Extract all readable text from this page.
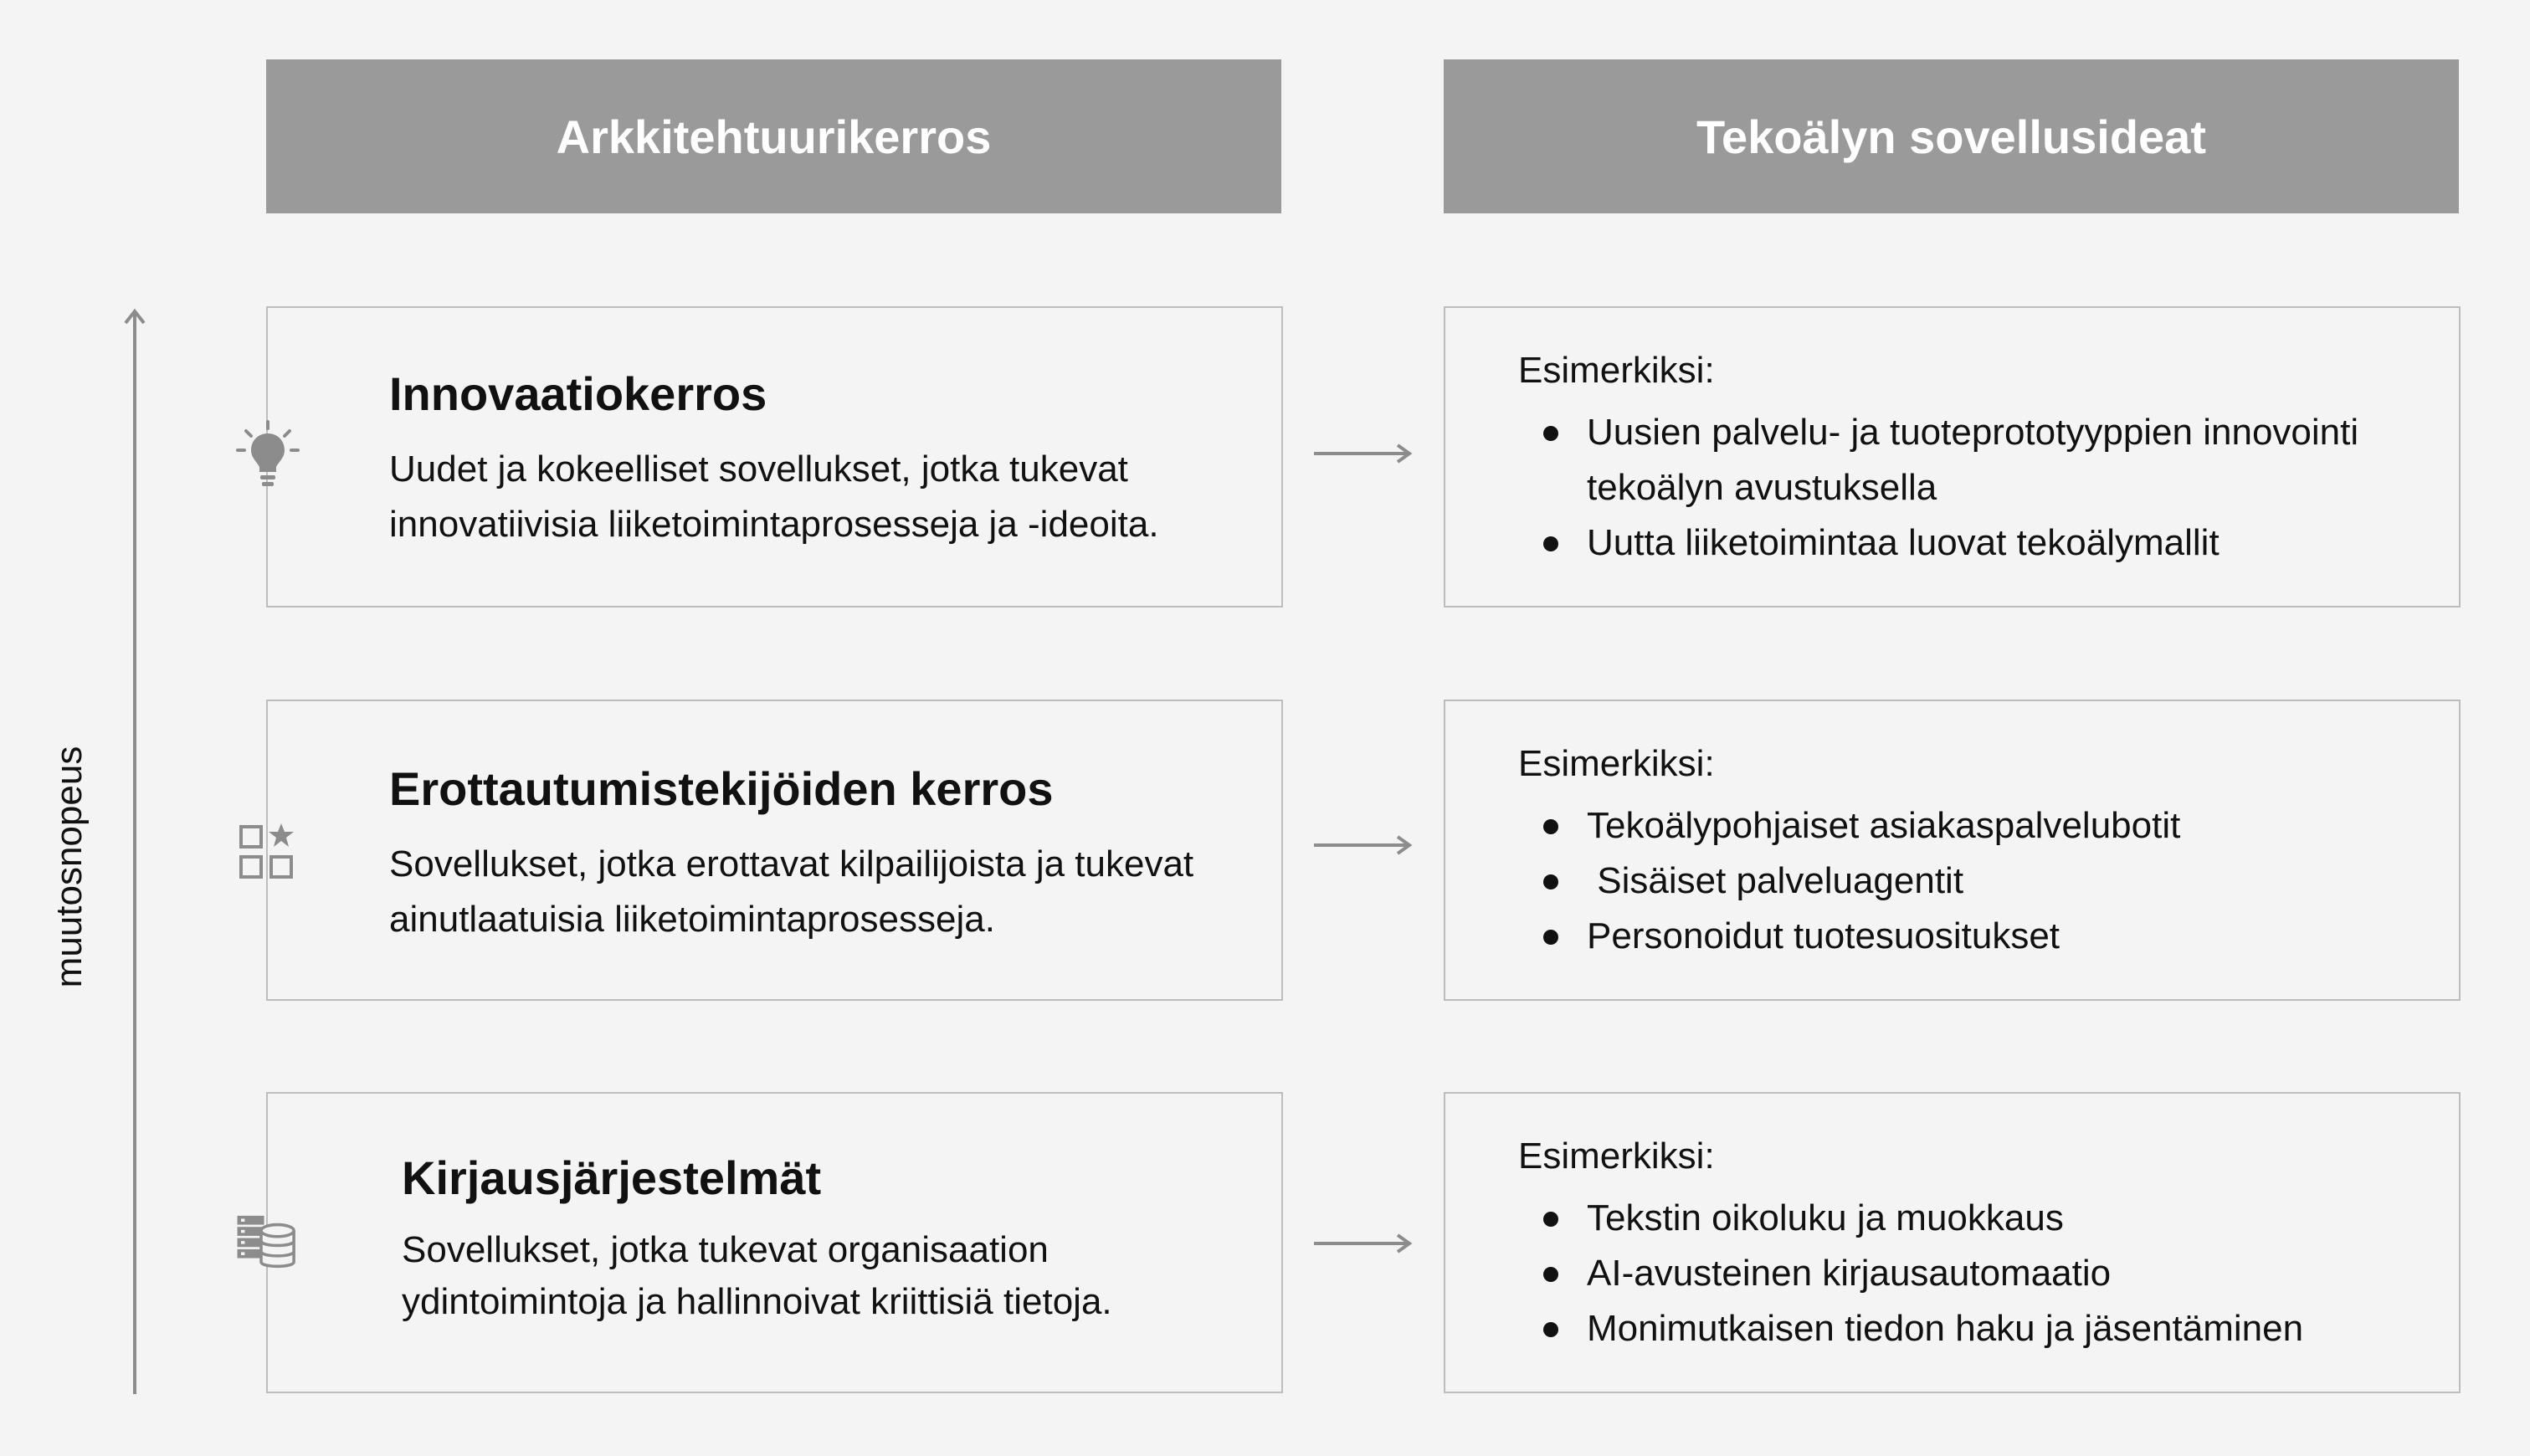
Arkkitehtuurikerros	Tekoälyn sovellusideat
muutosnopeus
Innovaatiokerros
Uudet ja kokeelliset sovellukset, jotka tukevat innovatiivisia liiketoimintaprosesseja ja -ideoita.
Esimerkiksi:
Uusien palvelu- ja tuoteprototyyppien innovointi tekoälyn avustuksella
Uutta liiketoimintaa luovat tekoälymallit
Erottautumistekijöiden kerros
Sovellukset, jotka erottavat kilpailijoista ja tukevat ainutlaatuisia liiketoimintaprosesseja.
Esimerkiksi:
Tekoälypohjaiset asiakaspalvelubotit
Sisäiset palveluagentit
Personoidut tuotesuositukset
Kirjausjärjestelmät
Sovellukset, jotka tukevat organisaation ydintoimintoja ja hallinnoivat kriittisiä tietoja.
Esimerkiksi:
Tekstin oikoluku ja muokkaus
AI-avusteinen kirjausautomaatio
Monimutkaisen tiedon haku ja jäsentäminen
